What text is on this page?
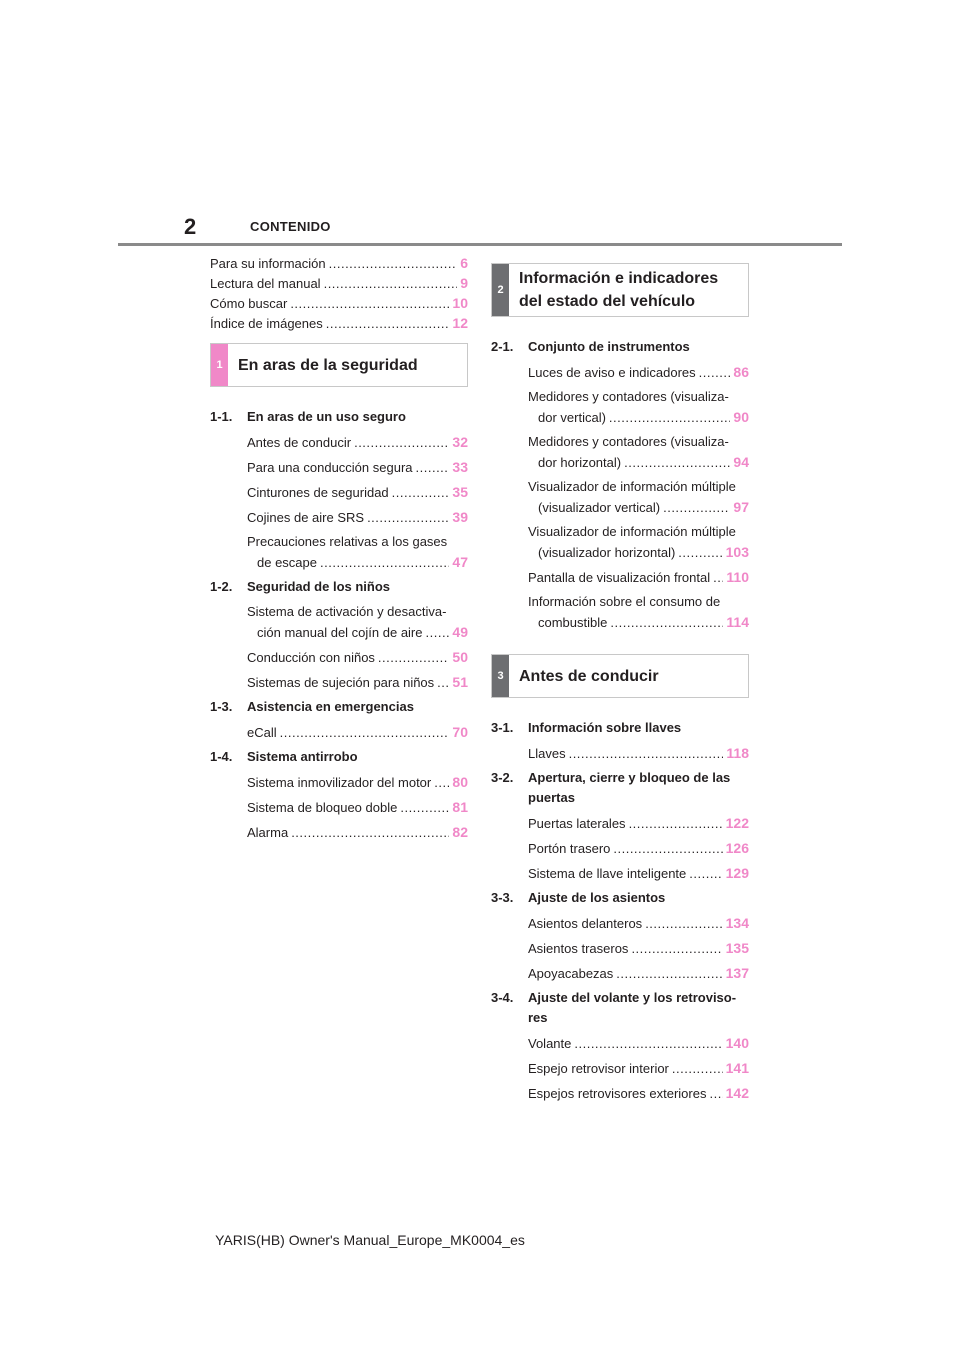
2	CONTENIDO
Para su información .....	6
Lectura del manual .....	9
Cómo buscar .....	10
Índice de imágenes .....	12
1 En aras de la seguridad
1-1.	En aras de un uso seguro
Antes de conducir .....	32
Para una conducción segura .....	33
Cinturones de seguridad .....	35
Cojines de aire SRS .....	39
Precauciones relativas a los gases
de escape .....	47
1-2.	Seguridad de los niños
Sistema de activación y desactiva-
ción manual del cojín de aire ..... 49
Conducción con niños .....	50
Sistemas de sujeción para niños ..... 51
1-3.	Asistencia en emergencias
eCall .....	70
1-4.	Sistema antirrobo
Sistema inmovilizador del motor ..... 80
Sistema de bloqueo doble .....	81
Alarma .....	82
2
Información e indicadores del estado del vehículo
2-1.	Conjunto de instrumentos
Luces de aviso e indicadores .....	86
Medidores y contadores (visualiza-
dor vertical) .....	90
Medidores y contadores (visualiza-
dor horizontal) .....	94
Visualizador de información múltiple
(visualizador vertical) .....	97
Visualizador de información múltiple
(visualizador horizontal) .....	103
Pantalla de visualización frontal ..... 110
Información sobre el consumo de
combustible .....	114
3 Antes de conducir
3-1.	Información sobre llaves
Llaves .....	118
3-2.	Apertura, cierre y bloqueo de las puertas
Puertas laterales .....	122
Portón trasero .....	126
Sistema de llave inteligente .....	129
3-3.	Ajuste de los asientos
Asientos delanteros .....	134
Asientos traseros .....	135
Apoyacabezas .....	137
3-4.	Ajuste del volante y los retroviso-res
Volante .....	140
Espejo retrovisor interior .....	141
Espejos retrovisores exteriores ..... 142
YARIS(HB) Owner's Manual_Europe_MK0004_es
